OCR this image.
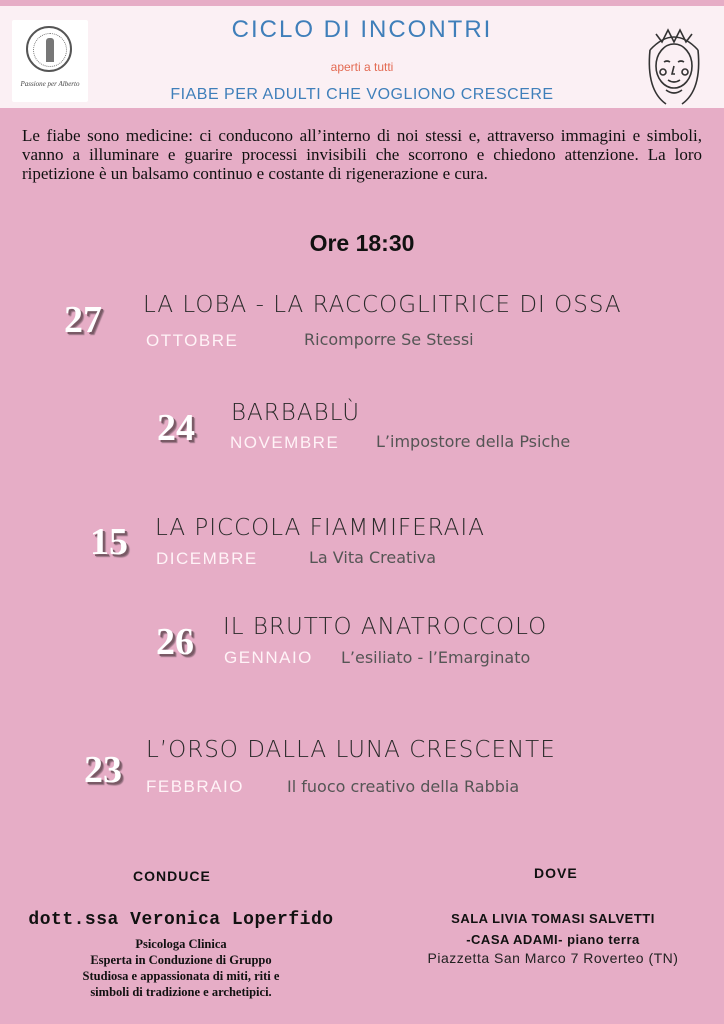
Passione per Alberto
CICLO DI INCONTRI
aperti a tutti
FIABE PER ADULTI CHE VOGLIONO CRESCERE
Le fiabe sono medicine: ci conducono all’interno di noi stessi e, attraverso immagini e simboli, vanno a illuminare e guarire processi invisibili che scorrono e chiedono attenzione. La loro ripetizione è un balsamo continuo e costante di rigenerazione e cura.
Ore 18:30
27 LA LOBA - LA RACCOGLITRICE DI OSSA
OTTOBRE	Ricomporre Se Stessi
24 BARBABLÙ
NOVEMBRE L’impostore della Psiche
15 LA PICCOLA FIAMMIFERAIA
DICEMBRE	La Vita Creativa
26 IL BRUTTO ANATROCCOLO
GENNAIO L’esiliato - l’Emarginato
23 L’ORSO DALLA LUNA CRESCENTE
FEBBRAIO	Il fuoco creativo della Rabbia
CONDUCE
dott.ssa Veronica Loperfido
Psicologa Clinica
Esperta in Conduzione di Gruppo
Studiosa e appassionata di miti, riti e
simboli di tradizione e archetipici.
DOVE
SALA LIVIA TOMASI SALVETTI
-CASA ADAMI- piano terra
Piazzetta San Marco 7 Roverteo (TN)
